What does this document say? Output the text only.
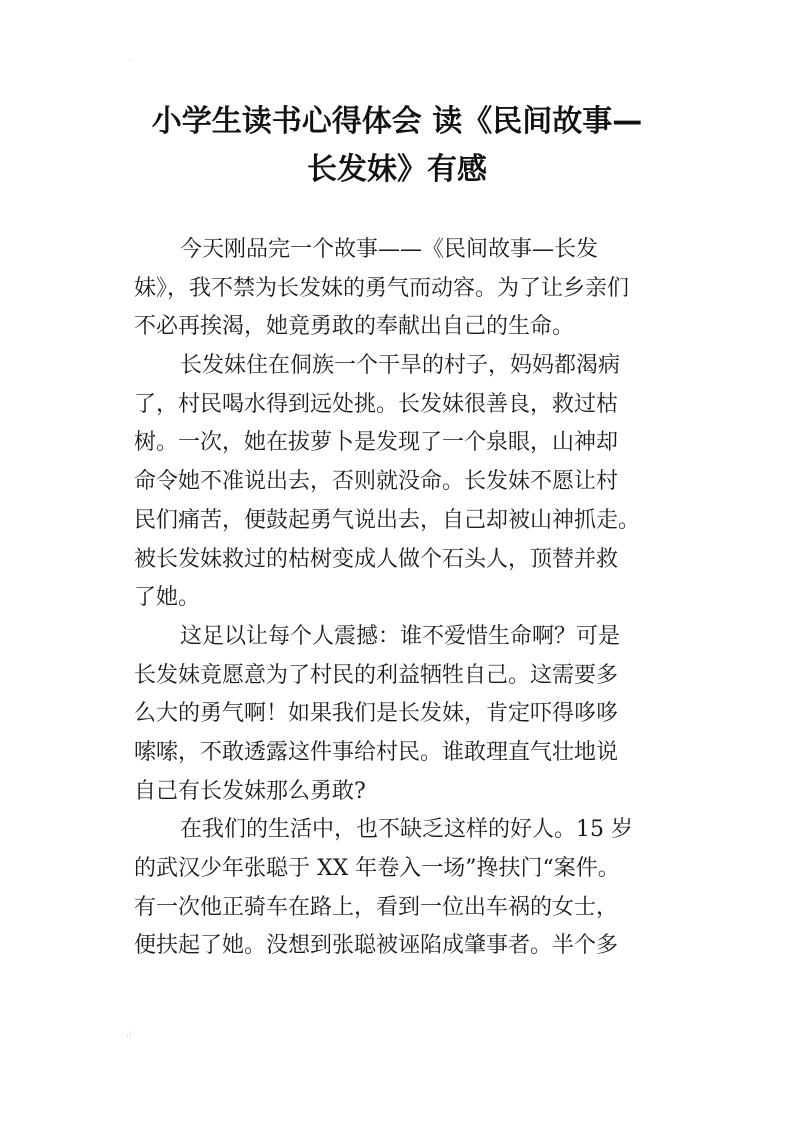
˙
小学生读书心得体会 读《民间故事—
长发妹》有感
今天刚品完一个故事——《民间故事—长发
妹》，我不禁为长发妹的勇气而动容。为了让乡亲们
不必再挨渴，她竟勇敢的奉献出自己的生命。
长发妹住在侗族一个干旱的村子，妈妈都渴病
了，村民喝水得到远处挑。长发妹很善良，救过枯
树。一次，她在拔萝卜是发现了一个泉眼，山神却
命令她不准说出去，否则就没命。长发妹不愿让村
民们痛苦，便鼓起勇气说出去，自己却被山神抓走。
被长发妹救过的枯树变成人做个石头人，顶替并救
了她。
这足以让每个人震撼：谁不爱惜生命啊？可是
长发妹竟愿意为了村民的利益牺牲自己。这需要多
么大的勇气啊！如果我们是长发妹，肯定吓得哆哆
嗦嗦，不敢透露这件事给村民。谁敢理直气壮地说
自己有长发妹那么勇敢?
在我们的生活中，也不缺乏这样的好人。15 岁
的武汉少年张聪于 XX 年卷入一场”搀扶门“案件。
有一次他正骑车在路上，看到一位出车祸的女士，
便扶起了她。没想到张聪被诬陷成肇事者。半个多
.:
